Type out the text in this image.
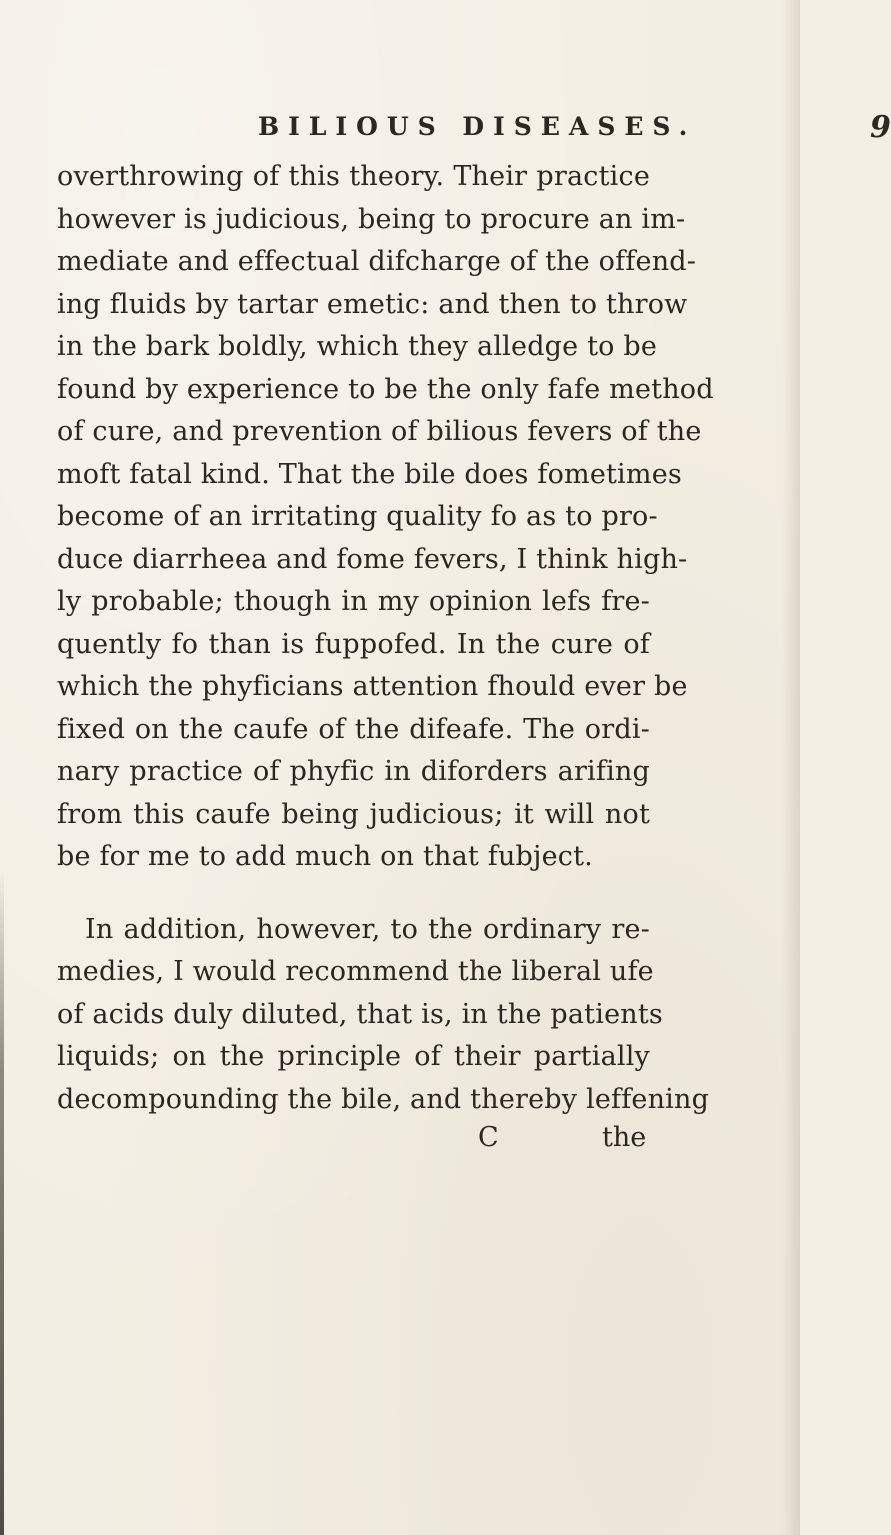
BILIOUS DISEASES.	9
overthrowing of this theory. Their practice
however is judicious, being to procure an im-
mediate and effectual difcharge of the offend-
ing fluids by tartar emetic: and then to throw
in the bark boldly, which they alledge to be
found by experience to be the only fafe method
of cure, and prevention of bilious fevers of the
moft fatal kind. That the bile does fometimes
become of an irritating quality fo as to pro-
duce diarrheea and fome fevers, I think high-
ly probable; though in my opinion lefs fre-
quently fo than is fuppofed. In the cure of
which the phyficians attention fhould ever be
fixed on the caufe of the difeafe. The ordi-
nary practice of phyfic in diforders arifing
from this caufe being judicious; it will not
be for me to add much on that fubject.
In addition, however, to the ordinary re-
medies, I would recommend the liberal ufe
of acids duly diluted, that is, in the patients
liquids; on the principle of their partially
decompounding the bile, and thereby leffening
C	the
